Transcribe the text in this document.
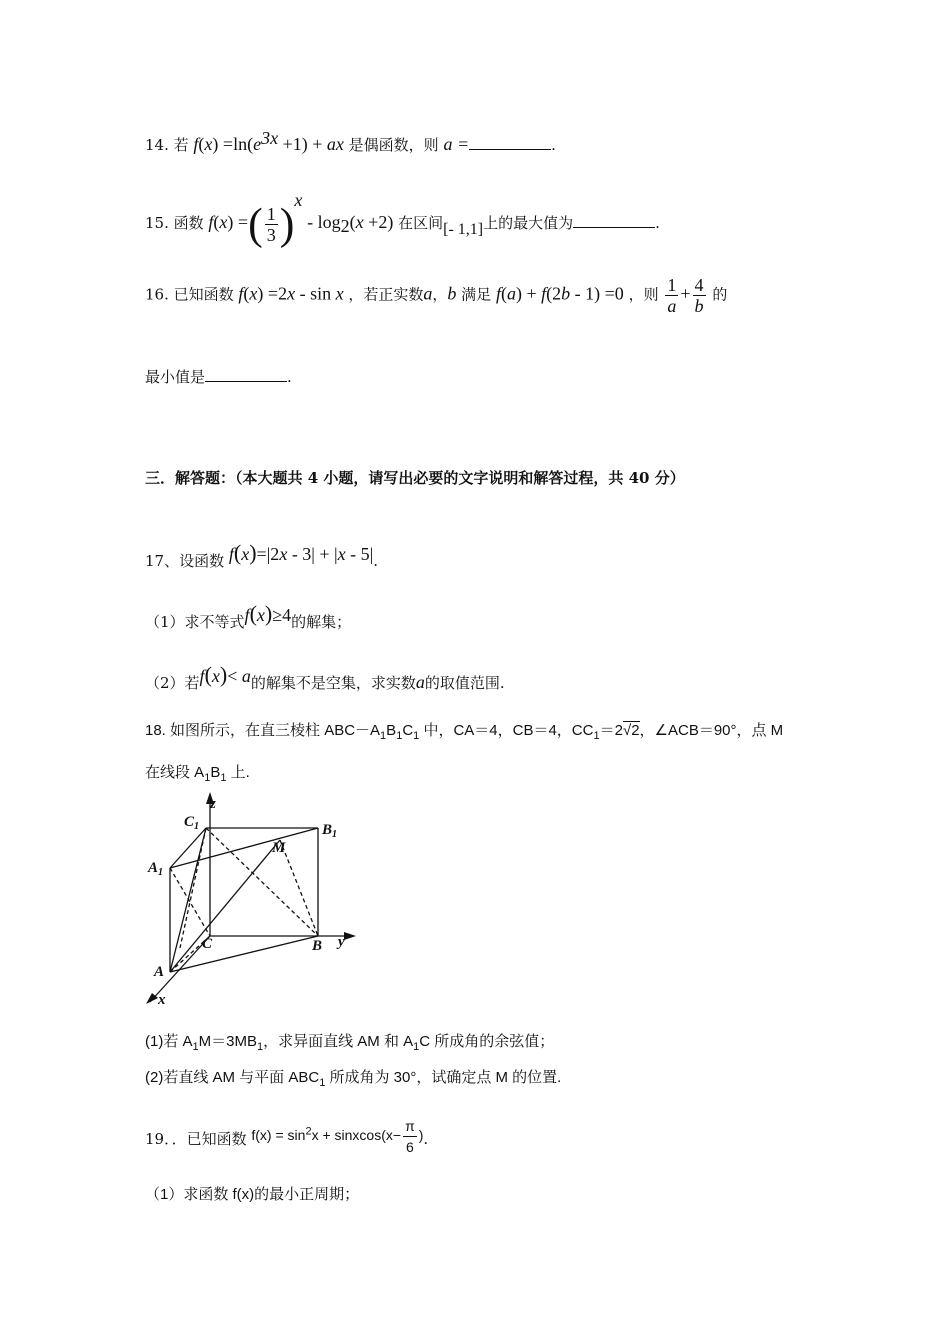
14. 若 $f(x) =\ln(e^{3x} +1)$ + ax 是偶函数，则 a =	.
15. 函数 f(x) =( $\frac{1}{3} )^x - \log_2(x +2)$ 在区间[- 1,1]上的最大值为	.
16. 已知函数 f(x) =2x - sin x ，若正实数a，b 满足 f(a) + f(2b - 1) =0 ，则 $\frac{1}{a} + \frac{4}{b}$ 的
最小值是	.
三．解答题：（本大题共 4 小题，请写出必要的文字说明和解答过程，共 40 分）
17、设函数 f(x)=|2x - 3| + |x - 5|.
（1）求不等式f(x)≥4的解集；
（2）若f(x)< a的解集不是空集，求实数a的取值范围.
18. 如图所示，在直三棱柱 $ABC-A_1B_1C_1$ 中，CA＝4，CB＝4，$CC_1=2√2$，∠ACB＝90°，点 M
在线段 $A_1B_1$ 上.
z
$C_1$	$B_1$
$A_1$
M
C	B y
A
x
(1)若 $A_1M=3MB_1$，求异面直线 AM 和 $A_1C$ 所成角的余弦值；
(2)若直线 AM 与平面 $ABC_1$ 所成角为 30°，试确定点 M 的位置.
19．．已知函数 $f(x) = \sin^2x$ + sinxcos(x− $\frac{\pi}{6}$ ).
（1）求函数 f(x)的最小正周期；
